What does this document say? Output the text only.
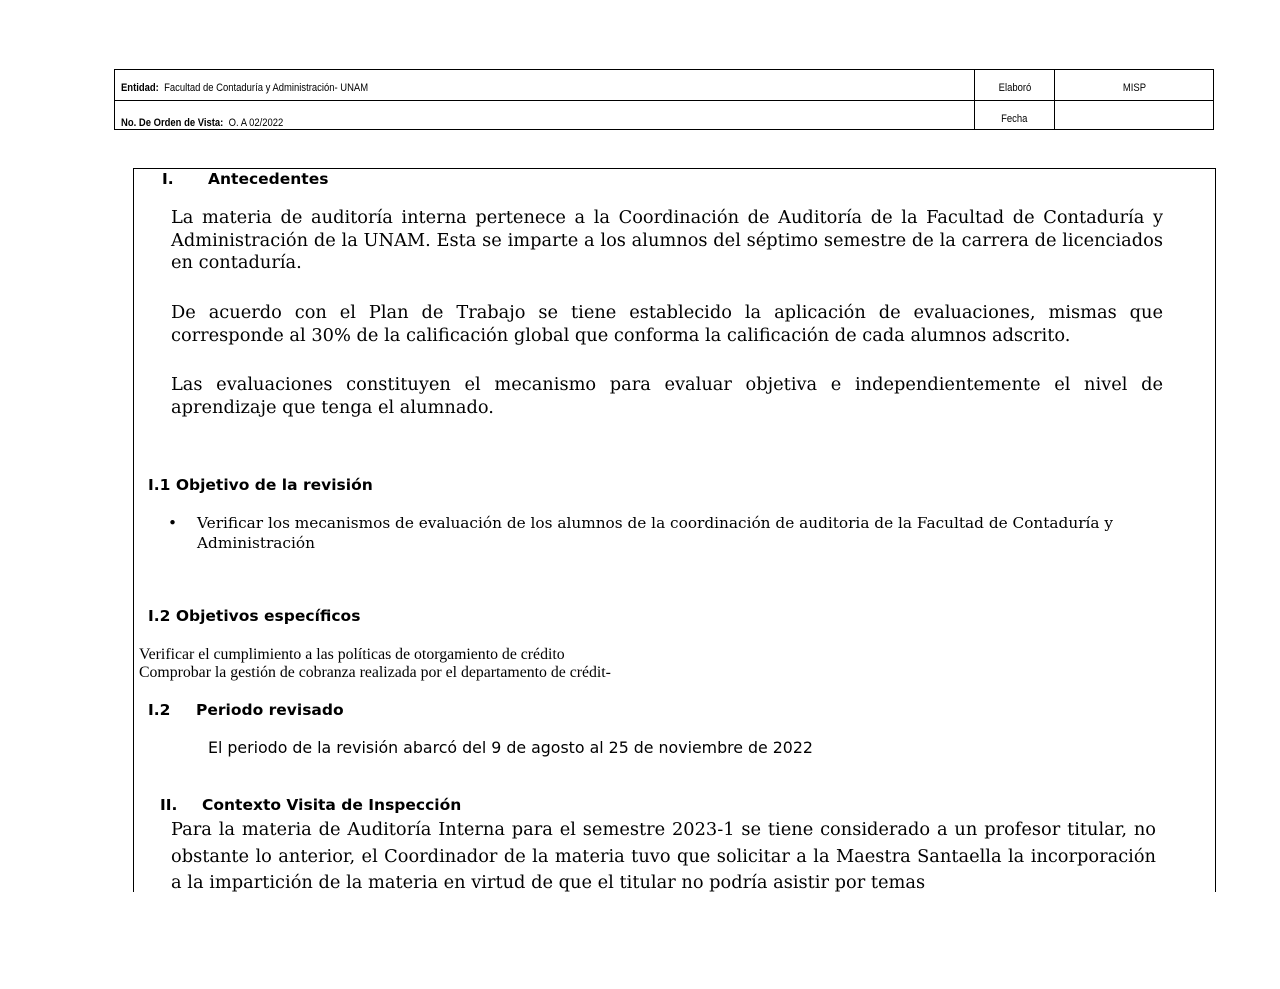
Entidad: Facultad de Contaduría y Administración- UNAM	Elaboró	MISP
No. De Orden de Vista: O. A 02/2022	Fecha
I. Antecedentes
La materia de auditoría interna pertenece a la Coordinación de Auditoría de la Facultad de Contaduría y Administración de la UNAM. Esta se imparte a los alumnos del séptimo semestre de la carrera de licenciados en contaduría.
De acuerdo con el Plan de Trabajo se tiene establecido la aplicación de evaluaciones, mismas que corresponde al 30% de la calificación global que conforma la calificación de cada alumnos adscrito.
Las evaluaciones constituyen el mecanismo para evaluar objetiva e independientemente el nivel de aprendizaje que tenga el alumnado.
I.1 Objetivo de la revisión
• Verificar los mecanismos de evaluación de los alumnos de la coordinación de auditoria de la Facultad de Contaduría y Administración
I.2 Objetivos específicos
Verificar el cumplimiento a las políticas de otorgamiento de crédito
Comprobar la gestión de cobranza realizada por el departamento de crédit-
I.2 Periodo revisado
El periodo de la revisión abarcó del 9 de agosto al 25 de noviembre de 2022
II. Contexto Visita de Inspección
Para la materia de Auditoría Interna para el semestre 2023-1 se tiene considerado a un profesor titular, no obstante lo anterior, el Coordinador de la materia tuvo que solicitar a la Maestra Santaella la incorporación a la impartición de la materia en virtud de que el titular no podría asistir por temas
